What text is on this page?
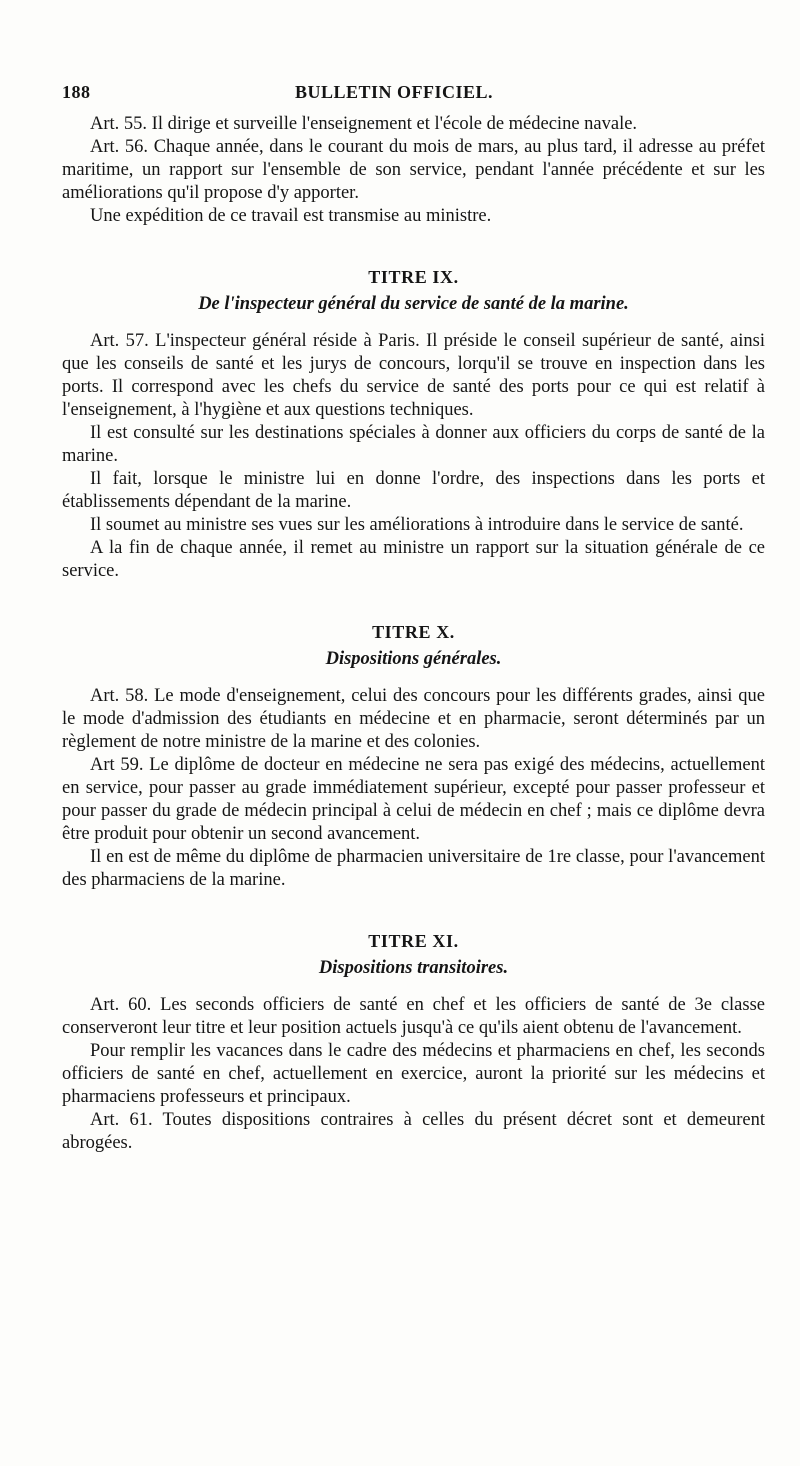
188	BULLETIN OFFICIEL.

Art. 55. Il dirige et surveille l'enseignement et l'école de médecine navale.

Art. 56. Chaque année, dans le courant du mois de mars, au plus tard, il adresse au préfet maritime, un rapport sur l'ensemble de son service, pendant l'année précédente et sur les améliorations qu'il propose d'y apporter.

Une expédition de ce travail est transmise au ministre.

TITRE IX.

De l'inspecteur général du service de santé de la marine.

Art. 57. L'inspecteur général réside à Paris. Il préside le conseil supérieur de santé, ainsi que les conseils de santé et les jurys de concours, lorqu'il se trouve en inspection dans les ports. Il correspond avec les chefs du service de santé des ports pour ce qui est relatif à l'enseignement, à l'hygiène et aux questions techniques.

Il est consulté sur les destinations spéciales à donner aux officiers du corps de santé de la marine.

Il fait, lorsque le ministre lui en donne l'ordre, des inspections dans les ports et établissements dépendant de la marine.

Il soumet au ministre ses vues sur les améliorations à introduire dans le service de santé.

A la fin de chaque année, il remet au ministre un rapport sur la situation générale de ce service.

TITRE X.

Dispositions générales.

Art. 58. Le mode d'enseignement, celui des concours pour les différents grades, ainsi que le mode d'admission des étudiants en médecine et en pharmacie, seront déterminés par un règlement de notre ministre de la marine et des colonies.

Art 59. Le diplôme de docteur en médecine ne sera pas exigé des médecins, actuellement en service, pour passer au grade immédiatement supérieur, excepté pour passer professeur et pour passer du grade de médecin principal à celui de médecin en chef ; mais ce diplôme devra être produit pour obtenir un second avancement.

Il en est de même du diplôme de pharmacien universitaire de 1re classe, pour l'avancement des pharmaciens de la marine.

TITRE XI.

Dispositions transitoires.

Art. 60. Les seconds officiers de santé en chef et les officiers de santé de 3e classe conserveront leur titre et leur position actuels jusqu'à ce qu'ils aient obtenu de l'avancement.

Pour remplir les vacances dans le cadre des médecins et pharmaciens en chef, les seconds officiers de santé en chef, actuellement en exercice, auront la priorité sur les médecins et pharmaciens professeurs et principaux.

Art. 61. Toutes dispositions contraires à celles du présent décret sont et demeurent abrogées.
